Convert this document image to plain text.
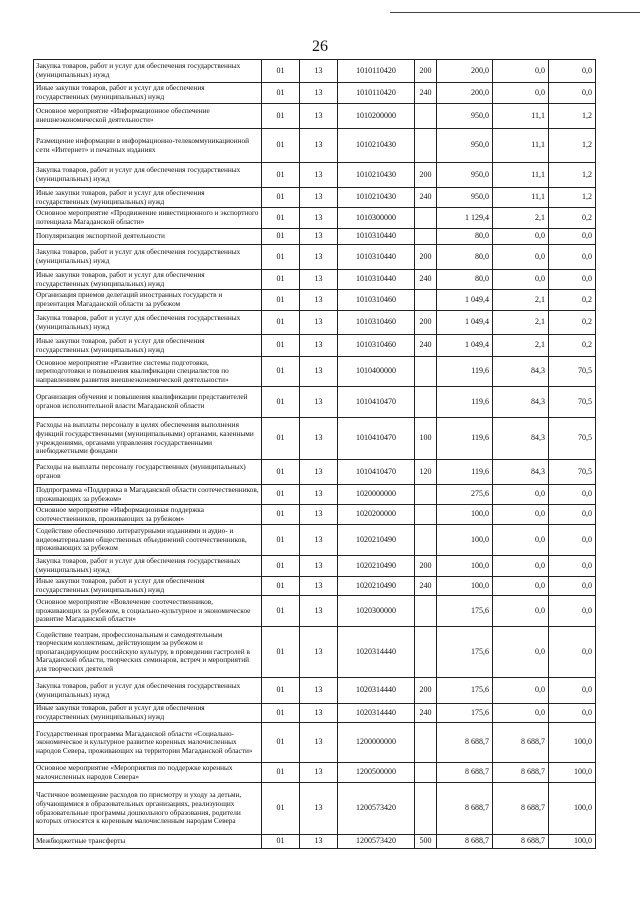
26
Закупка товаров, работ и услуг для обеспечения государственных (муниципальных) нужд	01	13	1010110420	200	200,0	0,0	0,0
Иные закупки товаров, работ и услуг для обеспечения государственных (муниципальных) нужд	01	13	1010110420	240	200,0	0,0	0,0
Основное мероприятие «Информационное обеспечение внешнеэкономической деятельности»	01	13	1010200000		950,0	11,1	1,2
Размещение информации в информационно-телекоммуникационной сети «Интернет» и печатных изданиях	01	13	1010210430		950,0	11,1	1,2
Закупка товаров, работ и услуг для обеспечения государственных (муниципальных) нужд	01	13	1010210430	200	950,0	11,1	1,2
Иные закупки товаров, работ и услуг для обеспечения государственных (муниципальных) нужд	01	13	1010210430	240	950,0	11,1	1,2
Основное мероприятие «Продвижение инвестиционного и экспортного потенциала Магаданской области»	01	13	1010300000		1 129,4	2,1	0,2
Популяризация экспортной деятельности	01	13	1010310440		80,0	0,0	0,0
Закупка товаров, работ и услуг для обеспечения государственных (муниципальных) нужд	01	13	1010310440	200	80,0	0,0	0,0
Иные закупки товаров, работ и услуг для обеспечения государственных (муниципальных) нужд	01	13	1010310440	240	80,0	0,0	0,0
Организация приемов делегаций иностранных государств и презентация Магаданской области за рубежом	01	13	1010310460		1 049,4	2,1	0,2
Закупка товаров, работ и услуг для обеспечения государственных (муниципальных) нужд	01	13	1010310460	200	1 049,4	2,1	0,2
Иные закупки товаров, работ и услуг для обеспечения государственных (муниципальных) нужд	01	13	1010310460	240	1 049,4	2,1	0,2
Основное мероприятие «Развитие системы подготовки, переподготовки и повышения квалификации специалистов по направлениям развития внешнеэкономической деятельности»	01	13	1010400000		119,6	84,3	70,5
Организация обучения и повышения квалификации представителей органов исполнительной власти Магаданской области	01	13	1010410470		119,6	84,3	70,5
Расходы на выплаты персоналу в целях обеспечения выполнения функций государственными (муниципальными) органами, казенными учреждениями, органами управления государственными внебюджетными фондами	01	13	1010410470	100	119,6	84,3	70,5
Расходы на выплаты персоналу государственных (муниципальных) органов	01	13	1010410470	120	119,6	84,3	70,5
Подпрограмма «Поддержка в Магаданской области соотечественников, проживающих за рубежом»	01	13	1020000000		275,6	0,0	0,0
Основное мероприятие «Информационная поддержка соотечественников, проживающих за рубежом»	01	13	1020200000		100,0	0,0	0,0
Содействие обеспечению литературными изданиями и аудио- и видеоматериалами общественных объединений соотечественников, проживающих за рубежом	01	13	1020210490		100,0	0,0	0,0
Закупка товаров, работ и услуг для обеспечения государственных (муниципальных) нужд	01	13	1020210490	200	100,0	0,0	0,0
Иные закупки товаров, работ и услуг для обеспечения государственных (муниципальных) нужд	01	13	1020210490	240	100,0	0,0	0,0
Основное мероприятие «Вовлечение соотечественников, проживающих за рубежом, в социально-культурное и экономическое развитие Магаданской области»	01	13	1020300000		175,6	0,0	0,0
Содействие театрам, профессиональным и самодеятельным творческим коллективам, действующим за рубежом и пропагандирующим российскую культуру, в проведении гастролей в Магаданской области, творческих семинаров, встреч и мероприятий для творческих деятелей	01	13	1020314440		175,6	0,0	0,0
Закупка товаров, работ и услуг для обеспечения государственных (муниципальных) нужд	01	13	1020314440	200	175,6	0,0	0,0
Иные закупки товаров, работ и услуг для обеспечения государственных (муниципальных) нужд	01	13	1020314440	240	175,6	0,0	0,0
Государственная программа Магаданской области «Социально-экономическое и культурное развитие коренных малочисленных народов Севера, проживающих на территории Магаданской области»	01	13	1200000000		8 688,7	8 688,7	100,0
Основное мероприятие «Мероприятия по поддержке коренных малочисленных народов Севера»	01	13	1200500000		8 688,7	8 688,7	100,0
Частичное возмещение расходов по присмотру и уходу за детьми, обучающимися в образовательных организациях, реализующих образовательные программы дошкольного образования, родители которых относятся к коренным малочисленным народам Севера	01	13	1200573420		8 688,7	8 688,7	100,0
Межбюджетные трансферты	01	13	1200573420	500	8 688,7	8 688,7	100,0
